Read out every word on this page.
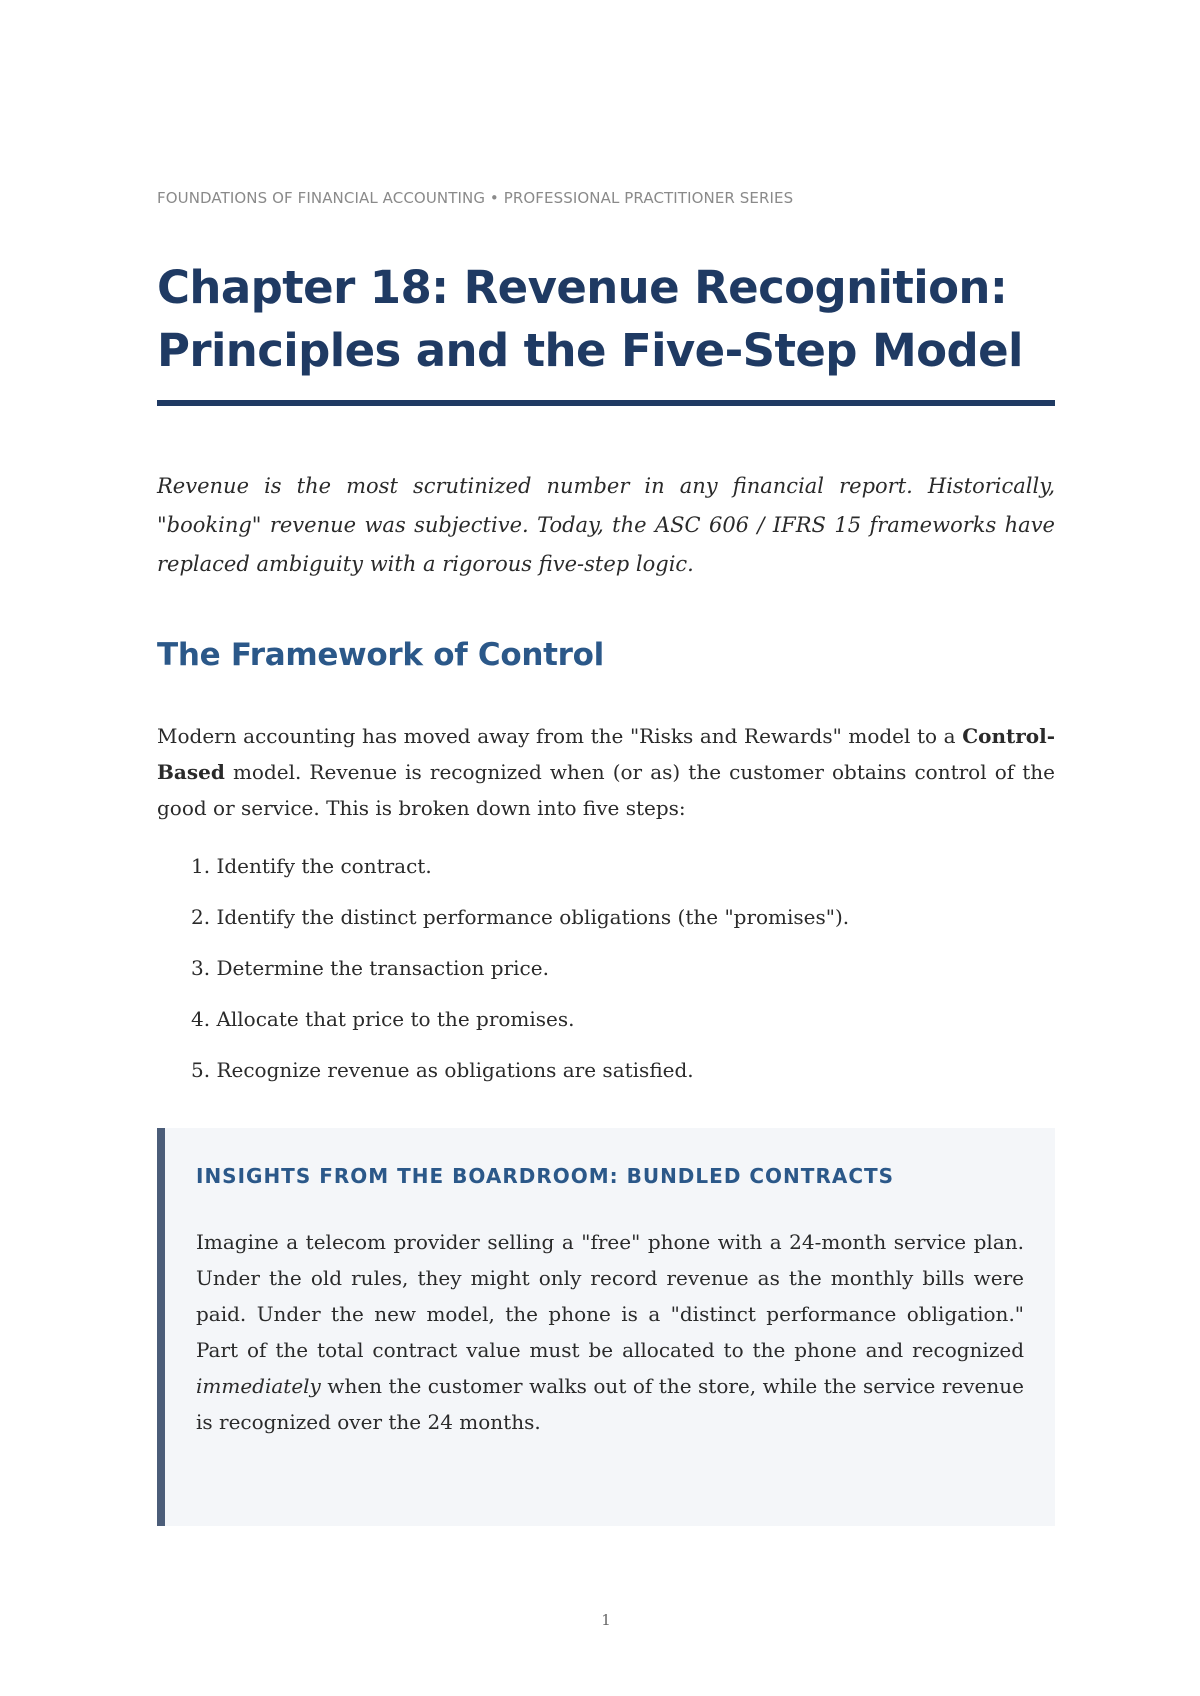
FOUNDATIONS OF FINANCIAL ACCOUNTING • PROFESSIONAL PRACTITIONER SERIES
Chapter 18: Revenue Recognition:
Principles and the Five-Step Model

Revenue is the most scrutinized number in any financial report. Historically, "booking" revenue was subjective. Today, the ASC 606 / IFRS 15 frameworks have replaced ambiguity with a rigorous five-step logic.

The Framework of Control

Modern accounting has moved away from the "Risks and Rewards" model to a Control-Based model. Revenue is recognized when (or as) the customer obtains control of the good or service. This is broken down into five steps:

1. Identify the contract.
2. Identify the distinct performance obligations (the "promises").
3. Determine the transaction price.
4. Allocate that price to the promises.
5. Recognize revenue as obligations are satisfied.
INSIGHTS FROM THE BOARDROOM: BUNDLED CONTRACTS

Imagine a telecom provider selling a "free" phone with a 24-month service plan. Under the old rules, they might only record revenue as the monthly bills were paid. Under the new model, the phone is a "distinct performance obligation." Part of the total contract value must be allocated to the phone and recognized immediately when the customer walks out of the store, while the service revenue is recognized over the 24 months.

1
